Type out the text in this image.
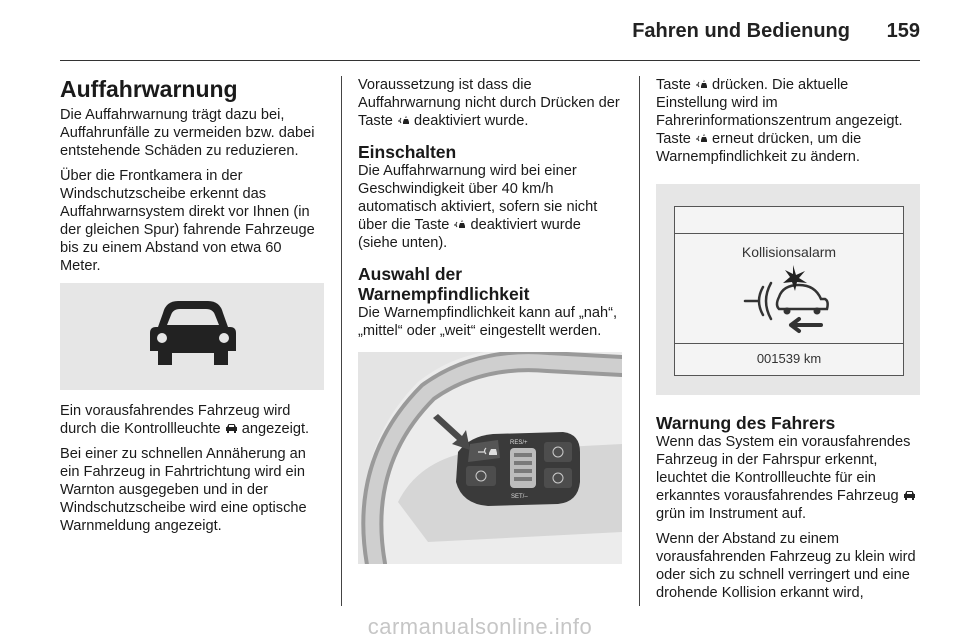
Fahren und Bedienung 159
Auffahrwarnung

Die Auffahrwarnung trägt dazu bei, Auffahrunfälle zu vermeiden bzw. dabei entstehende Schäden zu reduzieren.

Über die Frontkamera in der Windschutzscheibe erkennt das Auffahrwarnsystem direkt vor Ihnen (in der gleichen Spur) fahrende Fahrzeuge bis zu einem Abstand von etwa 60 Meter.

Ein vorausfahrendes Fahrzeug wird durch die Kontrollleuchte angezeigt.

Bei einer zu schnellen Annäherung an ein Fahrzeug in Fahrtrichtung wird ein Warnton ausgegeben und in der Windschutzscheibe wird eine optische Warnmeldung angezeigt.

Voraussetzung ist dass die Auffahrwarnung nicht durch Drücken der Taste deaktiviert wurde.

Einschalten

Die Auffahrwarnung wird bei einer Geschwindigkeit über 40 km/h automatisch aktiviert, sofern sie nicht über die Taste deaktiviert wurde (siehe unten).

Auswahl der
Warnempfindlichkeit

Die Warnempfindlichkeit kann auf „nah“, „mittel“ oder „weit“ eingestellt werden.

RES/+
SET/–

Taste drücken. Die aktuelle Einstellung wird im Fahrerinformationszentrum angezeigt. Taste erneut drücken, um die Warnempfindlichkeit zu ändern.

Kollisionsalarm
001539 km
Warnung des Fahrers

Wenn das System ein vorausfahrendes Fahrzeug in der Fahrspur erkennt, leuchtet die Kontrollleuchte für ein erkanntes vorausfahrendes Fahrzeug  grün im Instrument auf.

Wenn der Abstand zu einem vorausfahrenden Fahrzeug zu klein wird oder sich zu schnell verringert und eine drohende Kollision erkannt wird,

carmanualsonline.info
